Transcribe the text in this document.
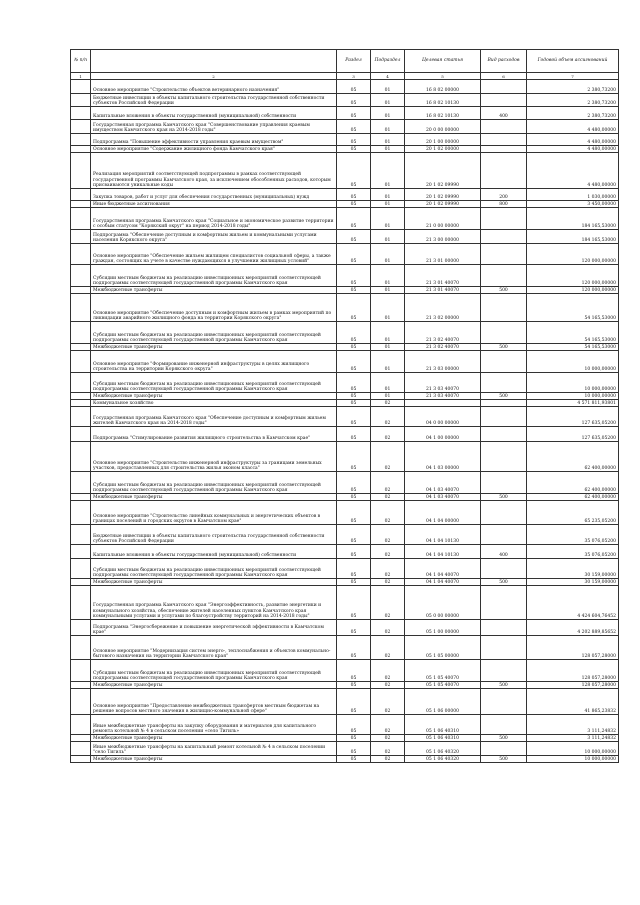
№ п/п		Раздел	Подраздел	Целевая статья	Вид расходов	Годовой объем ассигнований
1	2	3	4	5	6	7
	Основное мероприятие "Строительство объектов ветеринарного назначения"	05	01	16 8 02 00000		2 380,73200
	Бюджетные инвестиции в объекты капитального строительства государственной собственности субъектов Российской Федерации	05	01	16 8 02 10130		2 380,73200
	Капитальные вложения в объекты государственной (муниципальной) собственности	05	01	16 8 02 10130	400	2 380,73200
	Государственная программа Камчатского края "Совершенствование управления краевым имуществом Камчатского края на 2014-2018 годы"	05	01	20 0 00 00000		4 480,00000
	Подпрограмма "Повышение эффективности управления краевым имуществом"	05	01	20 1 00 00000		4 480,00000
	Основное мероприятие "Содержание жилищного фонда Камчатского края"	05	01	20 1 02 00000		4 480,00000
	Реализация мероприятий соответствующей подпрограммы в рамках соответствующей государственной программы Камчатского края, за исключением обособленных расходов, которым присваиваются уникальные коды	05	01	20 1 02 09990		4 480,00000
	Закупка товаров, работ и услуг для обеспечения государственных (муниципальных) нужд	05	01	20 1 02 09990	200	1 030,00000
	Иные бюджетные ассигнования	05	01	20 1 02 09990	800	3 450,00000
	Государственная программа Камчатского края "Социальное и экономическое развитие территории с особым статусом "Корякский округ" на период 2014-2018 годы"	05	01	21 0 00 00000		184 165,53000
	Подпрограмма "Обеспечение доступным и комфортным жильем и коммунальными услугами населения Корякского округа"	05	01	21 3 00 00000		184 165,53000
	Основное мероприятие "Обеспечение жильем жилищем специалистов социальной сферы, а также граждан, состоящих на учете в качестве нуждающихся в улучшении жилищных условий"	05	01	21 3 01 00000		120 000,00000
	Субсидии местным бюджетам на реализацию инвестиционных мероприятий соответствующей подпрограммы соответствующей государственной программы Камчатского края	05	01	21 3 01 40070		120 000,00000
	Межбюджетные трансферты	05	01	21 3 01 40070	500	120 000,00000
	Основное мероприятие "Обеспечение доступным и комфортным жильем в рамках мероприятий по ликвидации аварийного жилищного фонда на территории Корякского округа"	05	01	21 3 02 00000		54 165,53000
	Субсидии местным бюджетам на реализацию инвестиционных мероприятий соответствующей подпрограммы соответствующей государственной программы Камчатского края	05	01	21 3 02 40070		54 165,53000
	Межбюджетные трансферты	05	01	21 3 02 40070	500	54 165,53000
	Основное мероприятие "Формирование инженерной инфраструктуры в целях жилищного строительства на территории Корякского округа"	05	01	21 3 03 00000		10 000,00000
	Субсидии местным бюджетам на реализацию инвестиционных мероприятий соответствующей подпрограммы соответствующей государственной программы Камчатского края	05	01	21 3 03 40070		10 000,00000
	Межбюджетные трансферты	05	01	21 3 03 40070	500	10 000,00000
	Коммунальное хозяйство	05	02			4 571 811,93801
	Государственная программа Камчатского края "Обеспечение доступным и комфортным жильем жителей Камчатского края на 2014-2018 годы"	05	02	04 0 00 00000		127 635,05200
	Подпрограмма "Стимулирование развития жилищного строительства в Камчатском крае"	05	02	04 1 00 00000		127 635,05200
	Основное мероприятие "Строительство инженерной инфраструктуры за границами земельных участков, предоставленных для строительства жилья эконом класса"	05	02	04 1 03 00000		62 400,00000
	Субсидии местным бюджетам на реализацию инвестиционных мероприятий соответствующей подпрограммы соответствующей государственной программы Камчатского края	05	02	04 1 03 40070		62 400,00000
	Межбюджетные трансферты	05	02	04 1 03 40070	500	62 400,00000
	Основное мероприятие "Строительство линейных коммунальных и энергетических объектов в границах поселений и городских округов в Камчатском крае"	05	02	04 1 04 00000		65 235,05200
	Бюджетные инвестиции в объекты капитального строительства государственной собственности субъектов Российской Федерации	05	02	04 1 04 10130		35 076,05200
	Капитальные вложения в объекты государственной (муниципальной) собственности	05	02	04 1 04 10130	400	35 076,05200
	Субсидии местным бюджетам на реализацию инвестиционных мероприятий соответствующей подпрограммы соответствующей государственной программы Камчатского края	05	02	04 1 04 40070		30 159,00000
	Межбюджетные трансферты	05	02	04 1 04 40070	500	30 159,00000
	Государственная программа Камчатского края "Энергоэффективность, развитие энергетики и коммунального хозяйства, обеспечение жителей населенных пунктов Камчатского края коммунальными услугами и услугами по благоустройству территорий на 2014-2018 годы"	05	02	05 0 00 00000		4 424 604,76452
	Подпрограмма "Энергосбережение и повышение энергетической эффективности в Камчатском крае"	05	02	05 1 00 00000		4 202 889,85652
	Основное мероприятие "Модернизация систем энерго-, теплоснабжения и объектов коммунально-бытового назначения на территории Камчатского края"	05	02	05 1 05 00000		128 057,28000
	Субсидии местным бюджетам на реализацию инвестиционных мероприятий соответствующей подпрограммы соответствующей государственной программы Камчатского края	05	02	05 1 05 40070		128 057,28000
	Межбюджетные трансферты	05	02	05 1 05 40070	500	128 057,28000
	Основное мероприятие "Предоставление межбюджетных трансфертов местным бюджетам на решение вопросов местного значения в жилищно-коммунальной сфере"	05	02	05 1 06 00000		41 865,23832
	Иные межбюджетные трансферты на закупку оборудования и материалов для капитального ремонта котельной № 4 в сельском поселении «село Тигиль»	05	02	05 1 06 40310		3 111,24832
	Межбюджетные трансферты	05	02	05 1 06 40310	500	3 111,24832
	Иные межбюджетные трансферты на капитальный ремонт котельной № 4 в сельском поселении "село Тигиль"	05	02	05 1 06 40320		10 000,00000
	Межбюджетные трансферты	05	02	05 1 06 40320	500	10 000,00000
